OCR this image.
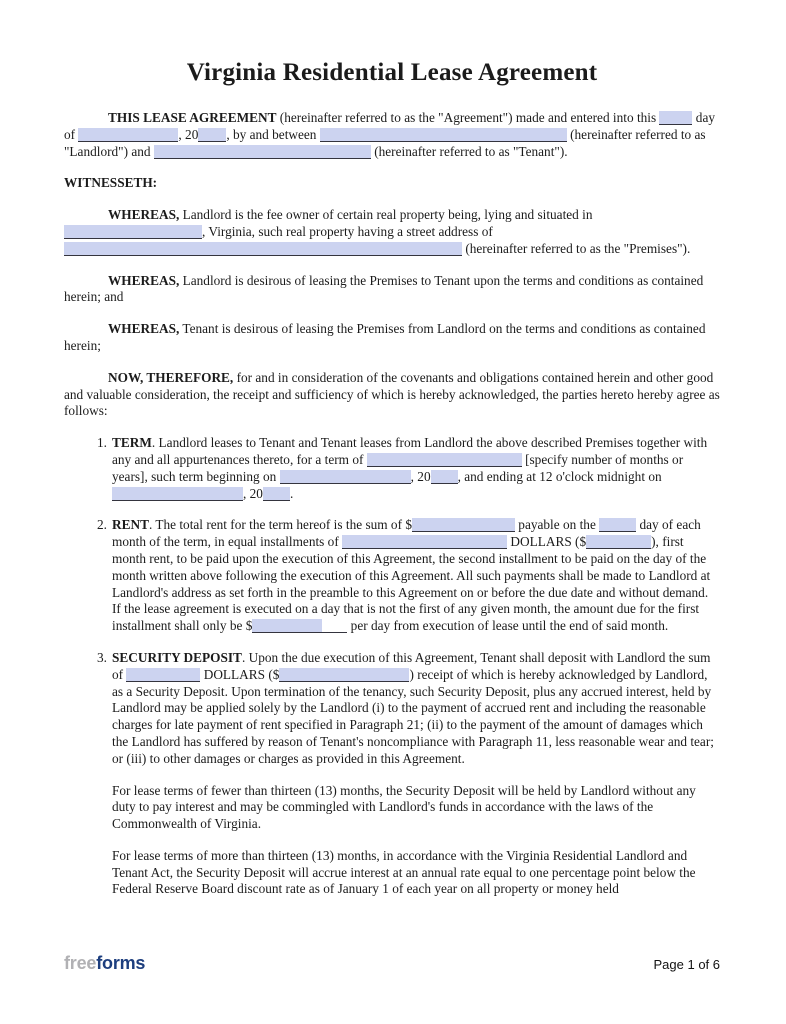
Virginia Residential Lease Agreement

THIS LEASE AGREEMENT (hereinafter referred to as the "Agreement") made and entered into this  day of	, 20 , by and between	(hereinafter referred to as "Landlord") and	(hereinafter referred to as "Tenant").

WITNESSETH:

WHEREAS, Landlord is the fee owner of certain real property being, lying and situated in , Virginia, such real property having a street address of  (hereinafter referred to as the "Premises").

WHEREAS, Landlord is desirous of leasing the Premises to Tenant upon the terms and conditions as contained herein; and

WHEREAS, Tenant is desirous of leasing the Premises from Landlord on the terms and conditions as contained herein;

NOW, THEREFORE, for and in consideration of the covenants and obligations contained herein and other good and valuable consideration, the receipt and sufficiency of which is hereby acknowledged, the parties hereto hereby agree as follows:

1. TERM. Landlord leases to Tenant and Tenant leases from Landlord the above described Premises together with any and all appurtenances thereto, for a term of	[specify number of months or years], such term beginning on	, 20 , and ending at 12 o'clock midnight on , 20 .

2. RENT. The total rent for the term hereof is the sum of $	payable on the	day of each month of the term, in equal installments of	DOLLARS ($	), first month rent, to be paid upon the execution of this Agreement, the second installment to be paid on the day of the month written above following the execution of this Agreement. All such payments shall be made to Landlord at Landlord's address as set forth in the preamble to this Agreement on or before the due date and without demand. If the lease agreement is executed on a day that is not the first of any given month, the amount due for the first installment shall only be $	per day from execution of lease until the end of said month.

3. SECURITY DEPOSIT. Upon the due execution of this Agreement, Tenant shall deposit with Landlord the sum of	DOLLARS ($	) receipt of which is hereby acknowledged by Landlord, as a Security Deposit. Upon termination of the tenancy, such Security Deposit, plus any accrued interest, held by Landlord may be applied solely by the Landlord (i) to the payment of accrued rent and including the reasonable charges for late payment of rent specified in Paragraph 21; (ii) to the payment of the amount of damages which the Landlord has suffered by reason of Tenant's noncompliance with Paragraph 11, less reasonable wear and tear; or (iii) to other damages or charges as provided in this Agreement.

For lease terms of fewer than thirteen (13) months, the Security Deposit will be held by Landlord without any duty to pay interest and may be commingled with Landlord's funds in accordance with the laws of the Commonwealth of Virginia.

For lease terms of more than thirteen (13) months, in accordance with the Virginia Residential Landlord and Tenant Act, the Security Deposit will accrue interest at an annual rate equal to one percentage point below the Federal Reserve Board discount rate as of January 1 of each year on all property or money held

freeforms	Page 1 of 6
